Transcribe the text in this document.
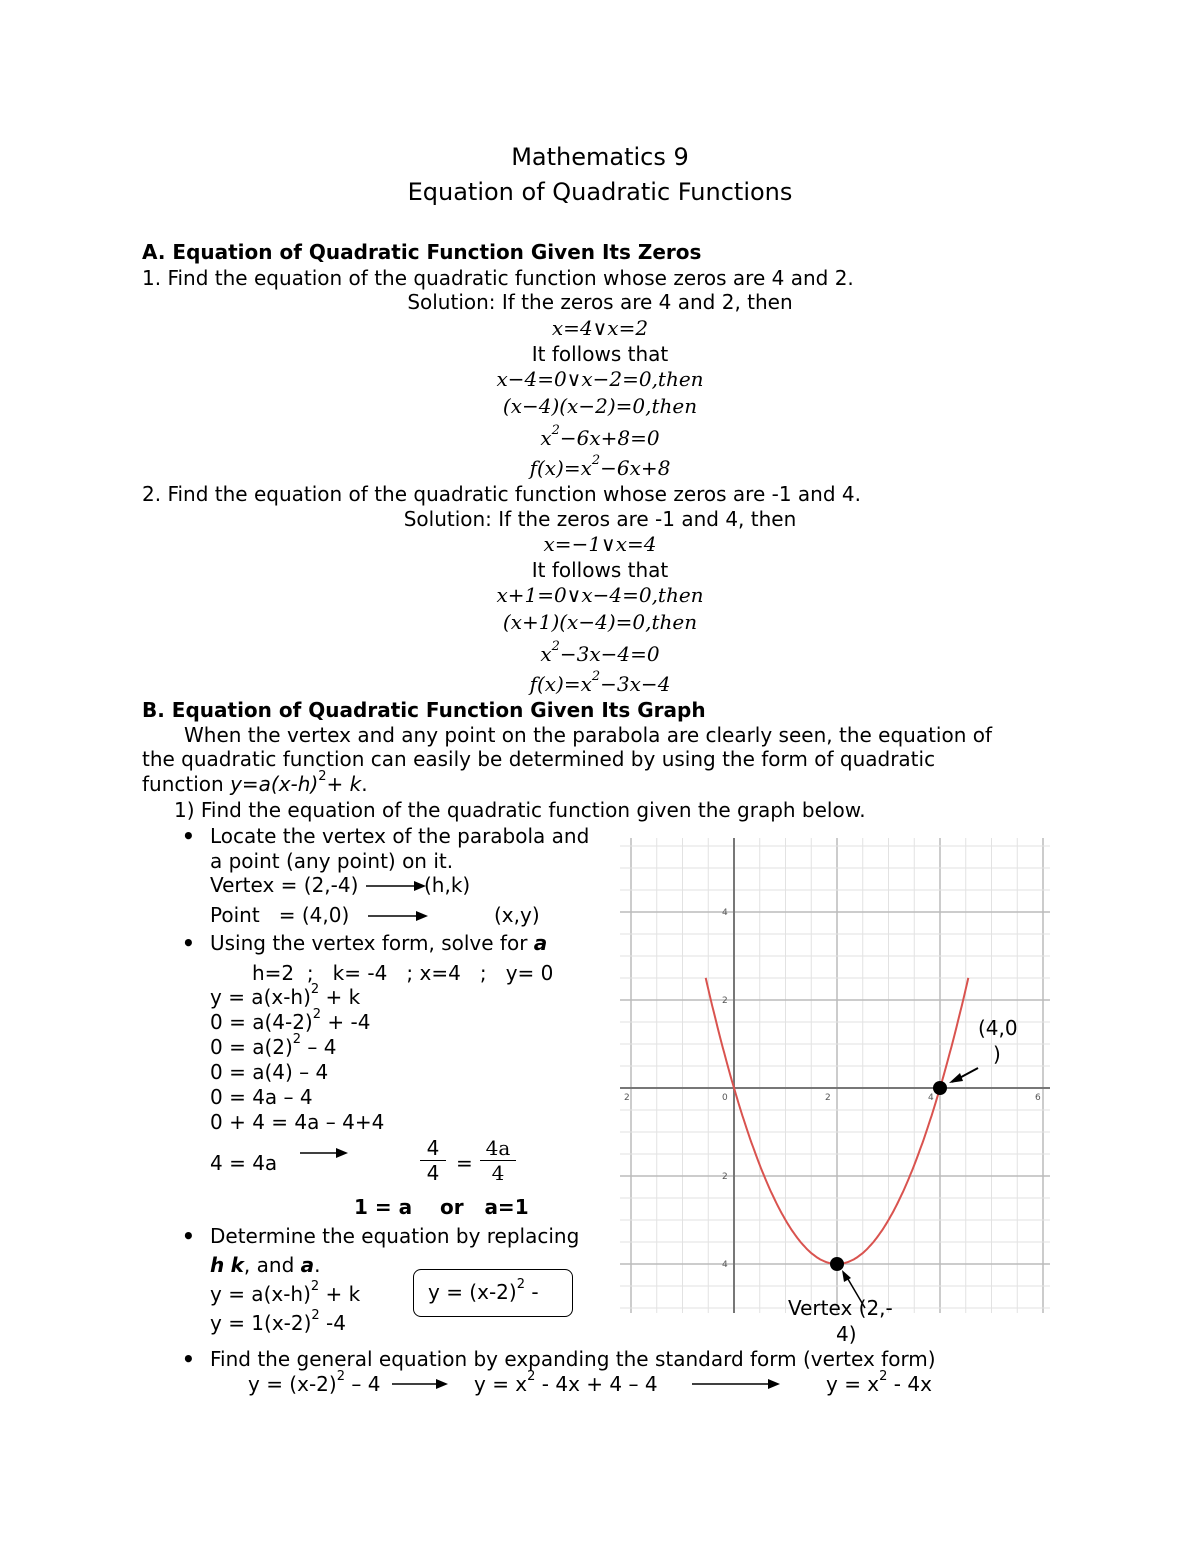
Mathematics 9
Equation of Quadratic Functions
A. Equation of Quadratic Function Given Its Zeros
1. Find the equation of the quadratic function whose zeros are 4 and 2.
Solution: If the zeros are 4 and 2, then
x=4∨x=2
It follows that
x−4=0∨x−2=0,then
(x−4)(x−2)=0,then
$x^2-6x+8=0$
$f(x)=x^2-6x+8$
2. Find the equation of the quadratic function whose zeros are -1 and 4.
Solution: If the zeros are -1 and 4, then
x=−1∨x=4
It follows that
x+1=0∨x−4=0,then
(x+1)(x−4)=0,then
$x^2-3x-4=0$
$f(x)=x^2-3x-4$
B. Equation of Quadratic Function Given Its Graph
When the vertex and any point on the parabola are clearly seen, the equation of
the quadratic function can easily be determined by using the form of quadratic
function $y=a(x-h)^2+ k$.
1) Find the equation of the quadratic function given the graph below.
• Locate the vertex of the parabola and
a point (any point) on it.
Vertex = (2,-4)	(h,k)
Point   = (4,0)	(x,y)
• Using the vertex form, solve for a
h=2  ;   k= -4   ; x=4   ;   y= 0
$y = a(x-h)^2 + k$
$0 = a(4-2)^2 + -4$
$0 = a(2)^2 - 4$
0 = a(4) – 4
0 = 4a – 4
0 + 4 = 4a – 4+4
4 = 4a
4
4 =
4a
4
1 = a    or   a=1
• Determine the equation by replacing
h k, and a.
$y = a(x-h)^2 + k$
$y = 1(x-2)^2$ -4
$y = (x-2)^2$ -
• Find the general equation by expanding the standard form (vertex form)
$y = (x-2)^2 - 4$	$y = x^2 - 4x + 4 - 4$	$y = x^2 - 4x$
2	0	2	4	6
4
2
2
4
(4,0
)
Vertex (2,-
4)
